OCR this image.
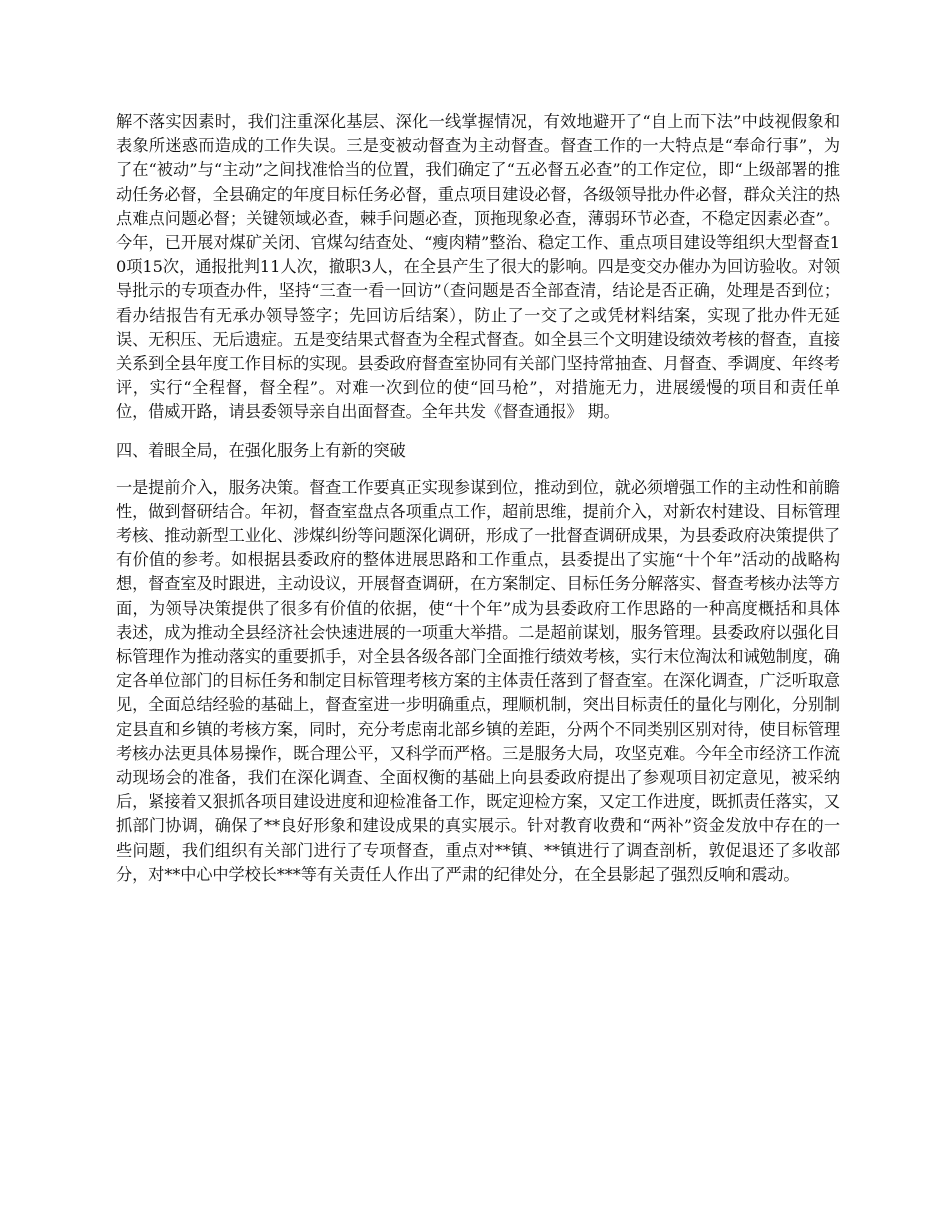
解不落实因素时，我们注重深化基层、深化一线掌握情况，有效地避开了“自上而下法”中歧视假象和表象所迷惑而造成的工作失误。三是变被动督查为主动督查。督查工作的一大特点是“奉命行事”，为了在“被动”与“主动”之间找准恰当的位置，我们确定了“五必督五必查”的工作定位，即“上级部署的推动任务必督，全县确定的年度目标任务必督，重点项目建设必督，各级领导批办件必督，群众关注的热点难点问题必督；关键领域必查，棘手问题必查，顶拖现象必查，薄弱环节必查，不稳定因素必查”。今年，已开展对煤矿关闭、官煤勾结查处、“瘦肉精”整治、稳定工作、重点项目建设等组织大型督查10项15次，通报批判11人次，撤职3人，在全县产生了很大的影响。四是变交办催办为回访验收。对领导批示的专项查办件，坚持“三查一看一回访”（查问题是否全部查清，结论是否正确，处理是否到位；看办结报告有无承办领导签字；先回访后结案），防止了一交了之或凭材料结案，实现了批办件无延误、无积压、无后遗症。五是变结果式督查为全程式督查。如全县三个文明建设绩效考核的督查，直接关系到全县年度工作目标的实现。县委政府督查室协同有关部门坚持常抽查、月督查、季调度、年终考评，实行“全程督，督全程”。对难一次到位的使“回马枪”，对措施无力，进展缓慢的项目和责任单位，借威开路，请县委领导亲自出面督查。全年共发《督查通报》 期。

四、着眼全局，在强化服务上有新的突破

一是提前介入，服务决策。督查工作要真正实现参谋到位，推动到位，就必须增强工作的主动性和前瞻性，做到督研结合。年初，督查室盘点各项重点工作，超前思维，提前介入，对新农村建设、目标管理考核、推动新型工业化、涉煤纠纷等问题深化调研，形成了一批督查调研成果，为县委政府决策提供了有价值的参考。如根据县委政府的整体进展思路和工作重点，县委提出了实施“十个年”活动的战略构想，督查室及时跟进，主动设议，开展督查调研，在方案制定、目标任务分解落实、督查考核办法等方面，为领导决策提供了很多有价值的依据，使“十个年”成为县委政府工作思路的一种高度概括和具体表述，成为推动全县经济社会快速进展的一项重大举措。二是超前谋划，服务管理。县委政府以强化目标管理作为推动落实的重要抓手，对全县各级各部门全面推行绩效考核，实行末位淘汰和诫勉制度，确定各单位部门的目标任务和制定目标管理考核方案的主体责任落到了督查室。在深化调查，广泛听取意见，全面总结经验的基础上，督查室进一步明确重点，理顺机制，突出目标责任的量化与刚化，分别制定县直和乡镇的考核方案，同时，充分考虑南北部乡镇的差距，分两个不同类别区别对待，使目标管理考核办法更具体易操作，既合理公平，又科学而严格。三是服务大局，攻坚克难。今年全市经济工作流动现场会的准备，我们在深化调查、全面权衡的基础上向县委政府提出了参观项目初定意见，被采纳后，紧接着又狠抓各项目建设进度和迎检准备工作，既定迎检方案，又定工作进度，既抓责任落实，又抓部门协调，确保了**良好形象和建设成果的真实展示。针对教育收费和“两补”资金发放中存在的一些问题，我们组织有关部门进行了专项督查，重点对**镇、**镇进行了调查剖析，敦促退还了多收部分，对**中心中学校长***等有关责任人作出了严肃的纪律处分，在全县影起了强烈反响和震动。
